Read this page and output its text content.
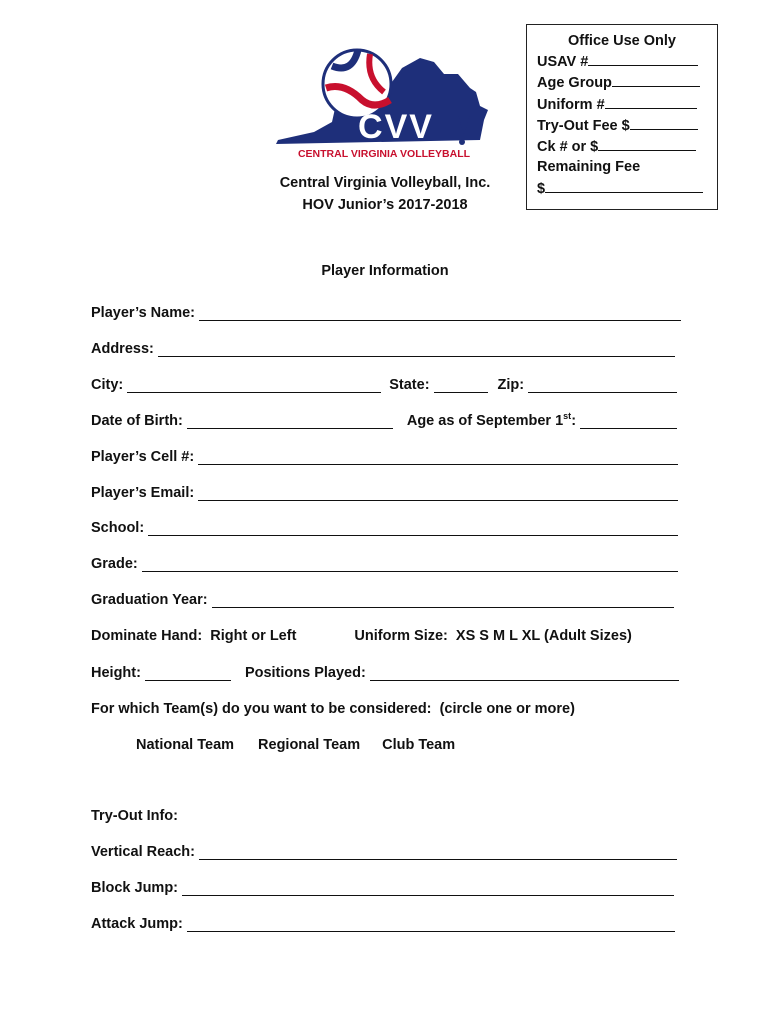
CVV
CENTRAL VIRGINIA VOLLEYBALL
Central Virginia Volleyball, Inc.
HOV Junior’s 2017-2018
Office Use Only
USAV #
Age Group
Uniform #
Try-Out Fee $
Ck # or $
Remaining Fee
$
Player Information
Player’s Name:
Address:
City:	State:	Zip:
Date of Birth:	Age as of September 1st:
Player’s Cell #:
Player’s Email:
School:
Grade:
Graduation Year:
Dominate Hand:  Right or Left	Uniform Size:  XS S M L XL (Adult Sizes)
Height:	Positions Played:
For which Team(s) do you want to be considered:  (circle one or more)
National Team Regional Team Club Team
Try-Out Info:
Vertical Reach:
Block Jump:
Attack Jump:
